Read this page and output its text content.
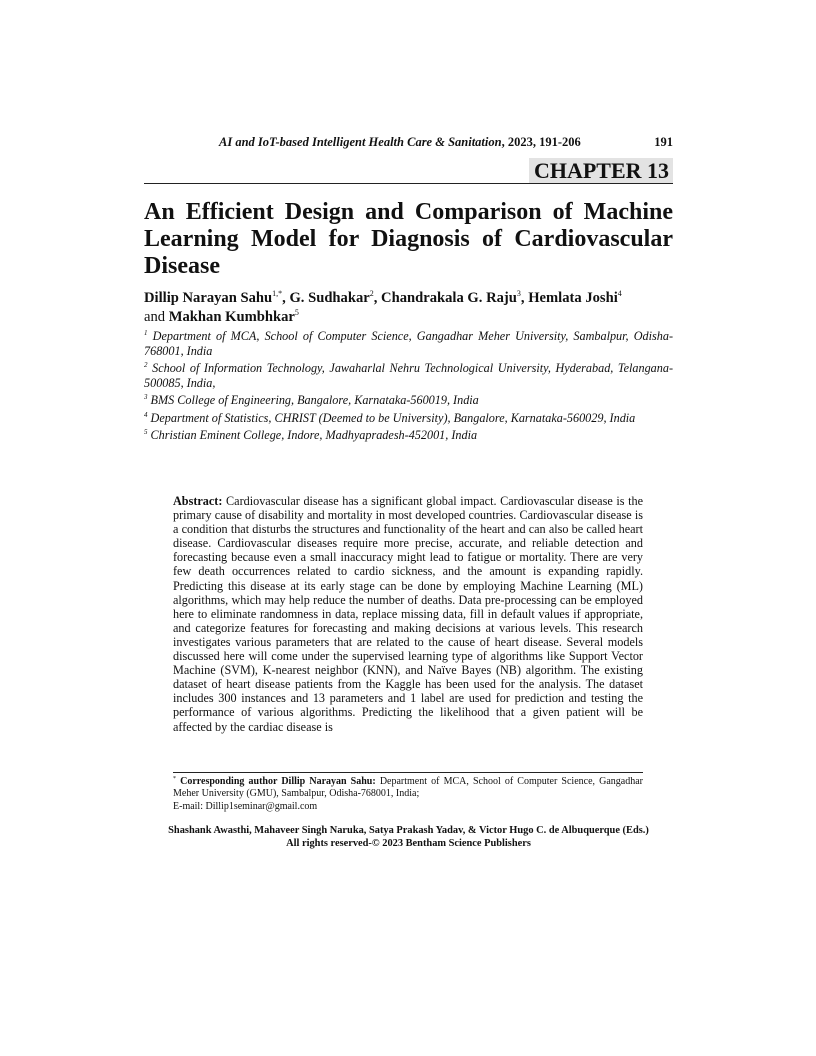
AI and IoT-based Intelligent Health Care & Sanitation, 2023, 191-206	191
CHAPTER 13
An Efficient Design and Comparison of Machine Learning Model for Diagnosis of Cardiovascular Disease
Dillip Narayan Sahu$^{1,*}$, G. Sudhakar$^2$, Chandrakala G. Raju$^3$, Hemlata Joshi$^4$
and Makhan Kumbhkar$^5$
$^1$ Department of MCA, School of Computer Science, Gangadhar Meher University, Sambalpur, Odisha-768001, India
$^2$ School of Information Technology, Jawaharlal Nehru Technological University, Hyderabad, Telangana- 500085, India,
$^3$ BMS College of Engineering, Bangalore, Karnataka-560019, India
$^4$ Department of Statistics, CHRIST (Deemed to be University), Bangalore, Karnataka-560029, India
$^5$ Christian Eminent College, Indore, Madhyapradesh-452001, India
Abstract: Cardiovascular disease has a significant global impact. Cardiovascular disease is the primary cause of disability and mortality in most developed countries. Cardiovascular disease is a condition that disturbs the structures and functionality of the heart and can also be called heart disease. Cardiovascular diseases require more precise, accurate, and reliable detection and forecasting because even a small inaccuracy might lead to fatigue or mortality. There are very few death occurrences related to cardio sickness, and the amount is expanding rapidly. Predicting this disease at its early stage can be done by employing Machine Learning (ML) algorithms, which may help reduce the number of deaths. Data pre-processing can be employed here to eliminate randomness in data, replace missing data, fill in default values if appropriate, and categorize features for forecasting and making decisions at various levels. This research investigates various parameters that are related to the cause of heart disease. Several models discussed here will come under the supervised learning type of algorithms like Support Vector Machine (SVM), K-nearest neighbor (KNN), and Naïve Bayes (NB) algorithm. The existing dataset of heart disease patients from the Kaggle has been used for the analysis. The dataset includes 300 instances and 13 parameters and 1 label are used for prediction and testing the performance of various algorithms. Predicting the likelihood that a given patient will be affected by the cardiac disease is
* Corresponding author Dillip Narayan Sahu: Department of MCA, School of Computer Science, Gangadhar Meher University (GMU), Sambalpur, Odisha-768001, India;
E-mail: Dillip1seminar@gmail.com
Shashank Awasthi, Mahaveer Singh Naruka, Satya Prakash Yadav, & Victor Hugo C. de Albuquerque (Eds.)
All rights reserved-© 2023 Bentham Science Publishers
